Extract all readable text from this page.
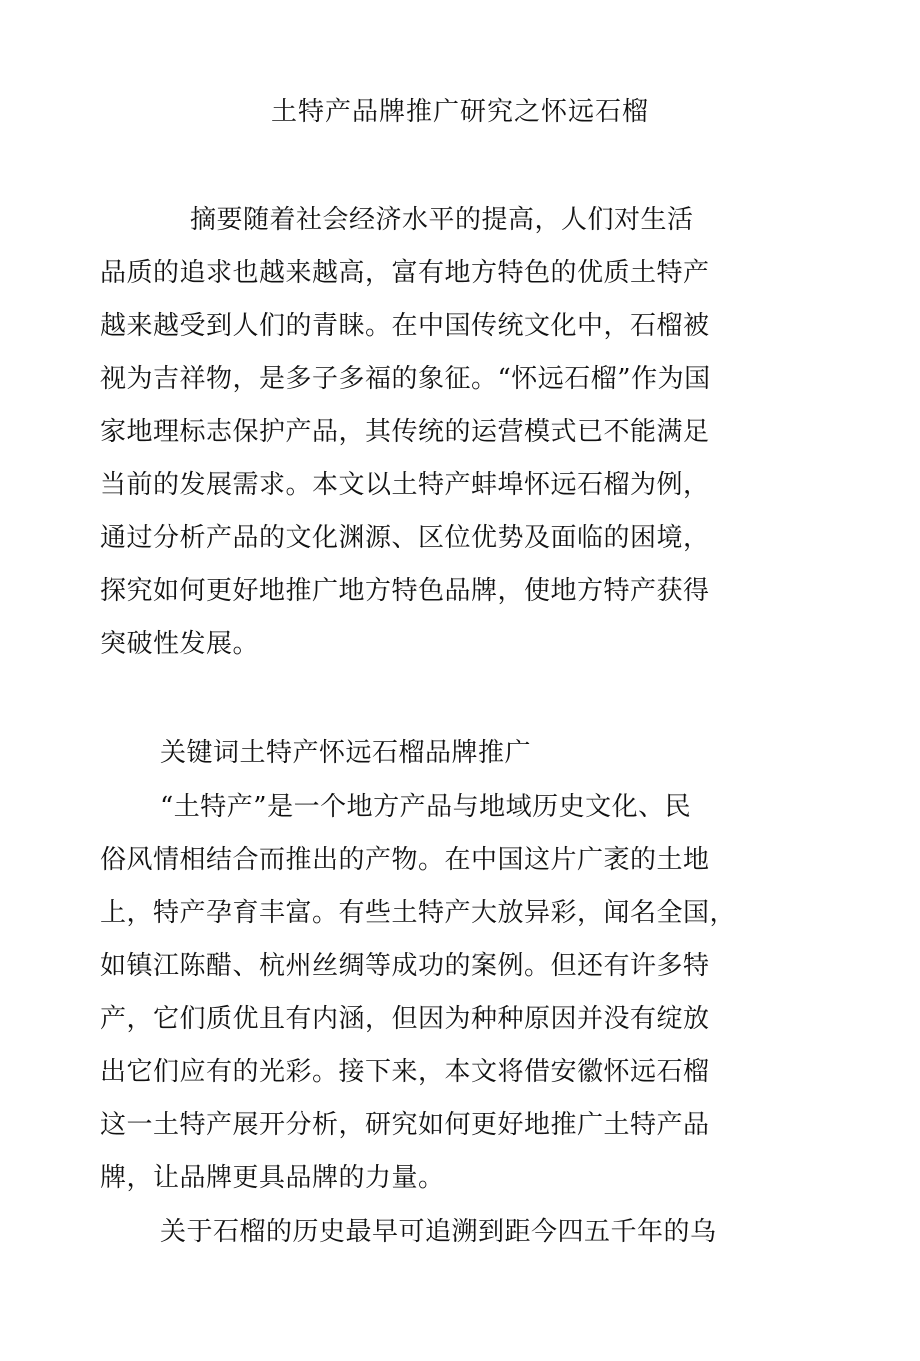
土特产品牌推广研究之怀远石榴
摘要随着社会经济水平的提高，人们对生活
品质的追求也越来越高，富有地方特色的优质土特产
越来越受到人们的青睐。在中国传统文化中，石榴被
视为吉祥物，是多子多福的象征。“怀远石榴”作为国
家地理标志保护产品，其传统的运营模式已不能满足
当前的发展需求。本文以土特产蚌埠怀远石榴为例，
通过分析产品的文化渊源、区位优势及面临的困境，
探究如何更好地推广地方特色品牌，使地方特产获得
突破性发展。
关键词土特产怀远石榴品牌推广
“土特产”是一个地方产品与地域历史文化、民
俗风情相结合而推出的产物。在中国这片广袤的土地
上，特产孕育丰富。有些土特产大放异彩，闻名全国，
如镇江陈醋、杭州丝绸等成功的案例。但还有许多特
产，它们质优且有内涵，但因为种种原因并没有绽放
出它们应有的光彩。接下来，本文将借安徽怀远石榴
这一土特产展开分析，研究如何更好地推广土特产品
牌，让品牌更具品牌的力量。
关于石榴的历史最早可追溯到距今四五千年的乌
